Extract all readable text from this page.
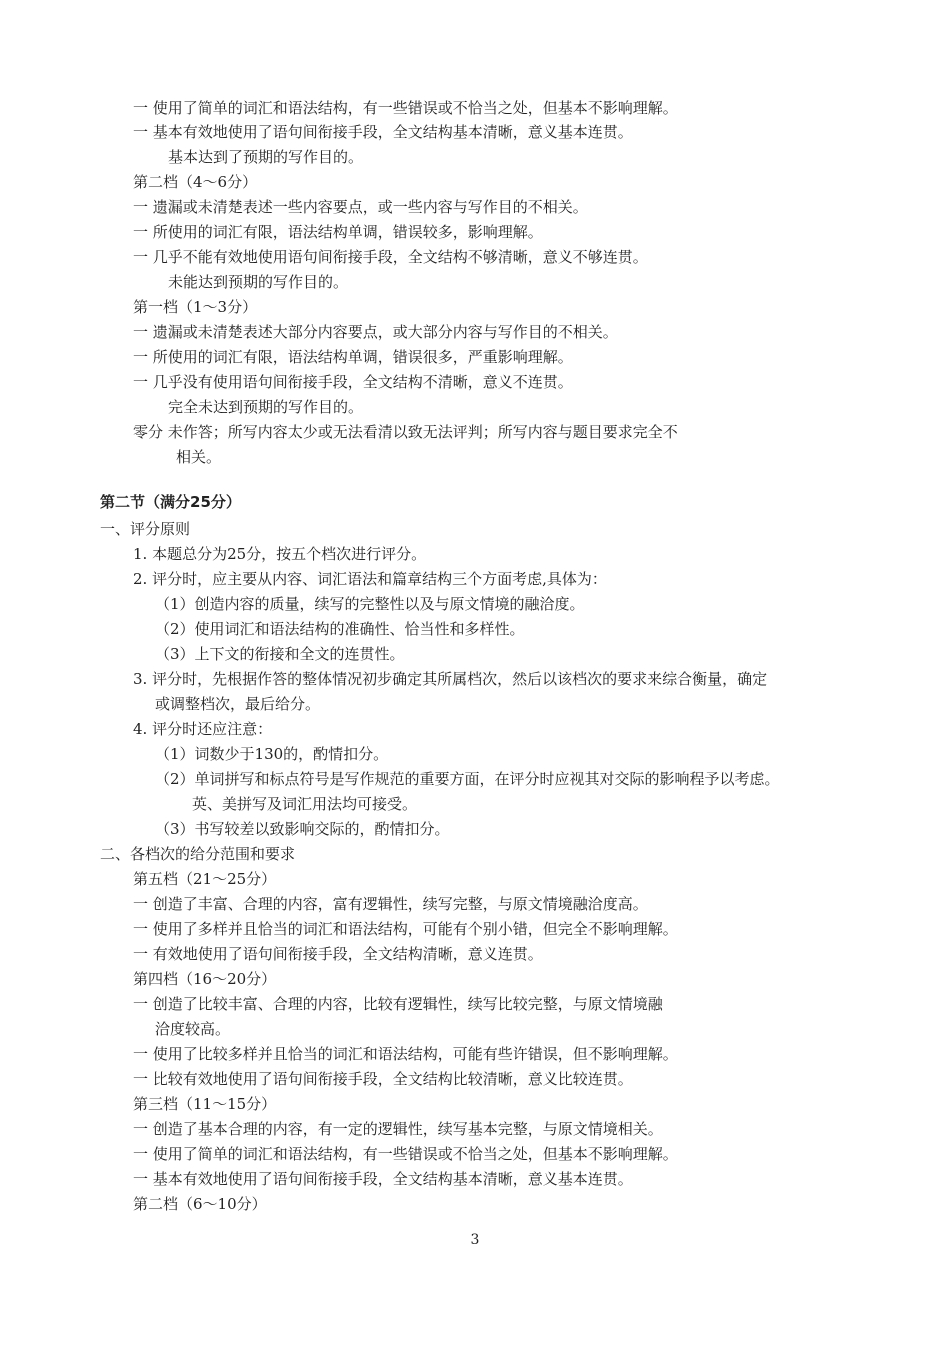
一 使用了简单的词汇和语法结构，有一些错误或不恰当之处，但基本不影响理解。
一 基本有效地使用了语句间衔接手段，全文结构基本清晰，意义基本连贯。
基本达到了预期的写作目的。
第二档（4～6分）
一 遗漏或未清楚表述一些内容要点，或一些内容与写作目的不相关。
一 所使用的词汇有限，语法结构单调，错误较多，影响理解。
一 几乎不能有效地使用语句间衔接手段，全文结构不够清晰，意义不够连贯。
未能达到预期的写作目的。
第一档（1～3分）
一 遗漏或未清楚表述大部分内容要点，或大部分内容与写作目的不相关。
一 所使用的词汇有限，语法结构单调，错误很多，严重影响理解。
一 几乎没有使用语句间衔接手段，全文结构不清晰，意义不连贯。
完全未达到预期的写作目的。
零分 未作答；所写内容太少或无法看清以致无法评判；所写内容与题目要求完全不
相关。
第二节（满分25分）
一、评分原则
1. 本题总分为25分，按五个档次进行评分。
2. 评分时，应主要从内容、词汇语法和篇章结构三个方面考虑,具体为：
（1）创造内容的质量，续写的完整性以及与原文情境的融洽度。
（2）使用词汇和语法结构的准确性、恰当性和多样性。
（3）上下文的衔接和全文的连贯性。
3. 评分时，先根据作答的整体情况初步确定其所属档次，然后以该档次的要求来综合衡量，确定
或调整档次，最后给分。
4. 评分时还应注意：
（1）词数少于130的，酌情扣分。
（2）单词拼写和标点符号是写作规范的重要方面，在评分时应视其对交际的影响程予以考虑。
英、美拼写及词汇用法均可接受。
（3）书写较差以致影响交际的，酌情扣分。
二、各档次的给分范围和要求
第五档（21～25分）
一 创造了丰富、合理的内容，富有逻辑性，续写完整，与原文情境融洽度高。
一 使用了多样并且恰当的词汇和语法结构，可能有个别小错，但完全不影响理解。
一 有效地使用了语句间衔接手段，全文结构清晰，意义连贯。
第四档（16～20分）
一 创造了比较丰富、合理的内容，比较有逻辑性，续写比较完整，与原文情境融
洽度较高。
一 使用了比较多样并且恰当的词汇和语法结构，可能有些许错误，但不影响理解。
一 比较有效地使用了语句间衔接手段，全文结构比较清晰，意义比较连贯。
第三档（11～15分）
一 创造了基本合理的内容，有一定的逻辑性，续写基本完整，与原文情境相关。
一 使用了简单的词汇和语法结构，有一些错误或不恰当之处，但基本不影响理解。
一 基本有效地使用了语句间衔接手段，全文结构基本清晰，意义基本连贯。
第二档（6～10分）
3
